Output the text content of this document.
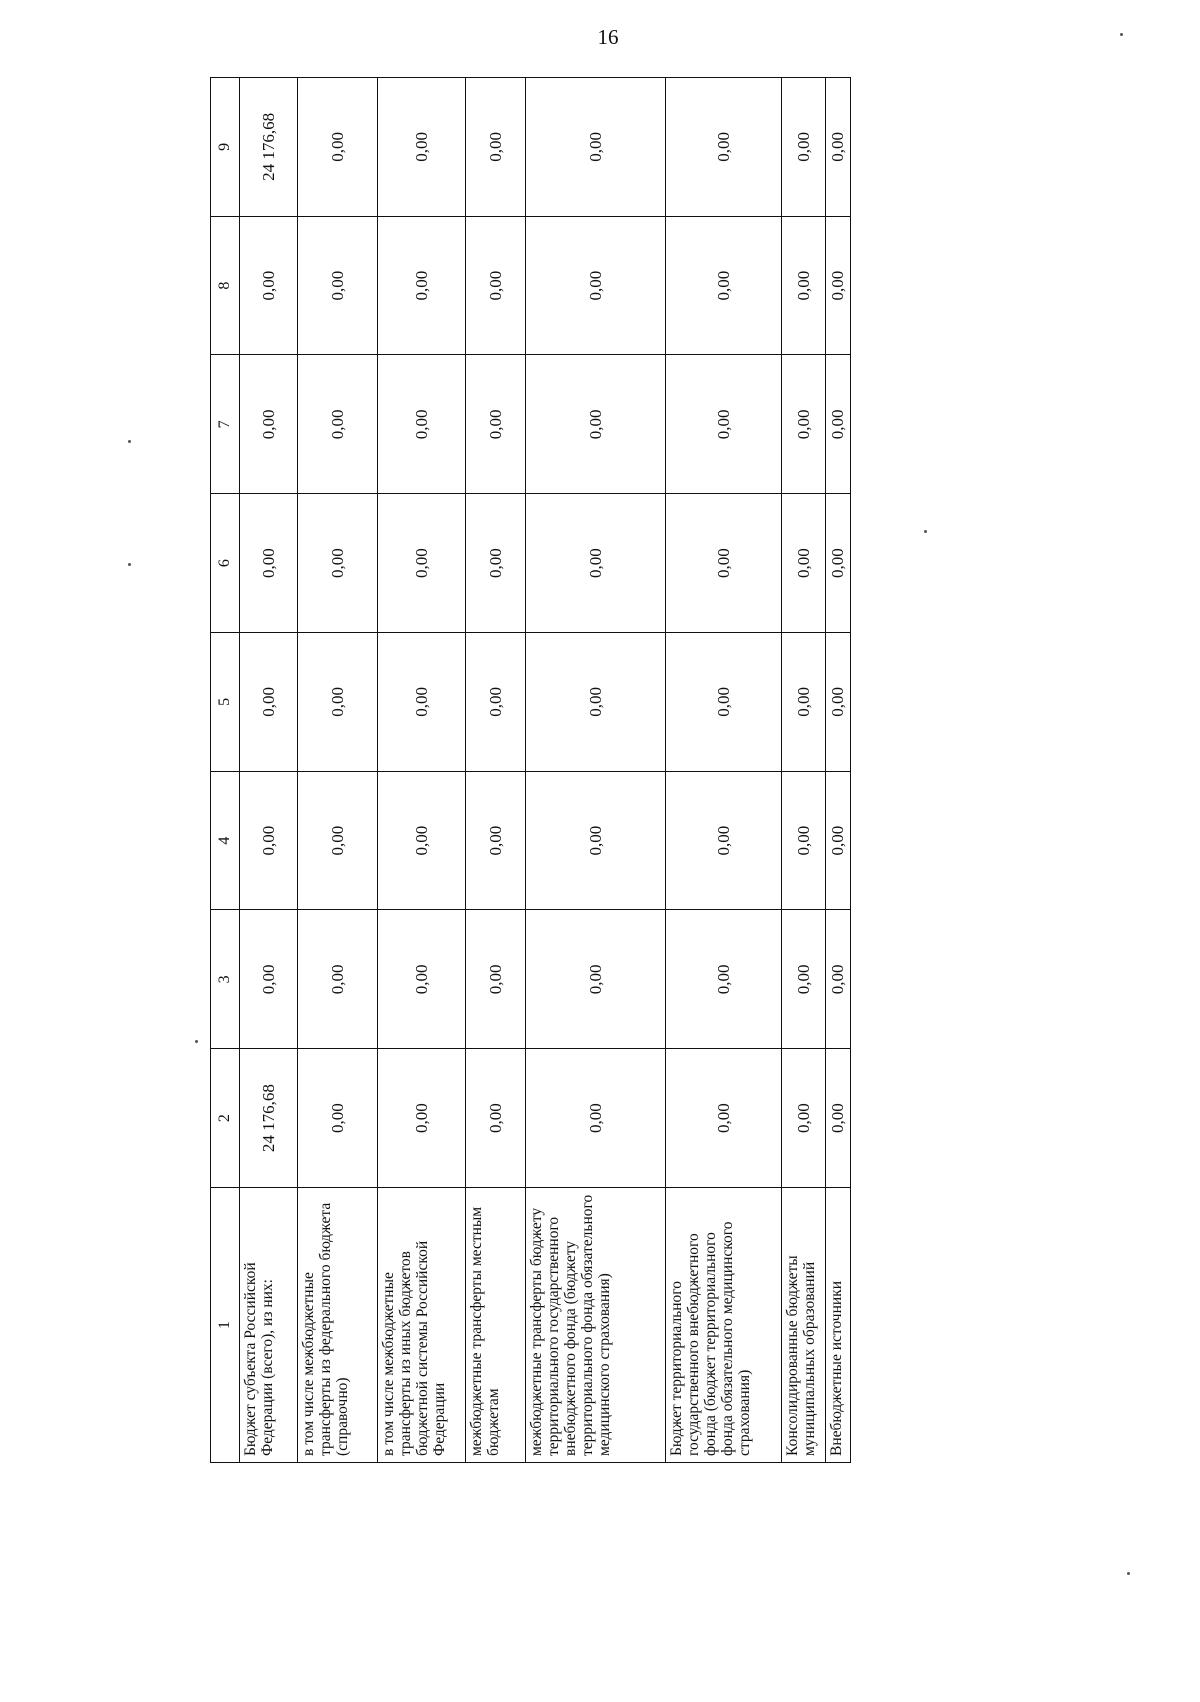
16
1	2	3	4	5	6	7	8	9
Бюджет субъекта Российской Федерации (всего), из них:	24 176,68	0,00	0,00	0,00	0,00	0,00	0,00	24 176,68
в том числе межбюджетные трансферты из федерального бюджета (справочно)	0,00	0,00	0,00	0,00	0,00	0,00	0,00	0,00
в том числе межбюджетные трансферты из иных бюджетов бюджетной системы Российской Федерации	0,00	0,00	0,00	0,00	0,00	0,00	0,00	0,00
межбюджетные трансферты местным бюджетам	0,00	0,00	0,00	0,00	0,00	0,00	0,00	0,00
межбюджетные трансферты бюджету территориального государственного внебюджетного фонда (бюджету территориального фонда обязательного медицинского страхования)	0,00	0,00	0,00	0,00	0,00	0,00	0,00	0,00
Бюджет территориального государственного внебюджетного фонда (бюджет территориального фонда обязательного медицинского страхования)	0,00	0,00	0,00	0,00	0,00	0,00	0,00	0,00
Консолидированные бюджеты муниципальных образований	0,00	0,00	0,00	0,00	0,00	0,00	0,00	0,00
Внебюджетные источники	0,00	0,00	0,00	0,00	0,00	0,00	0,00	0,00
